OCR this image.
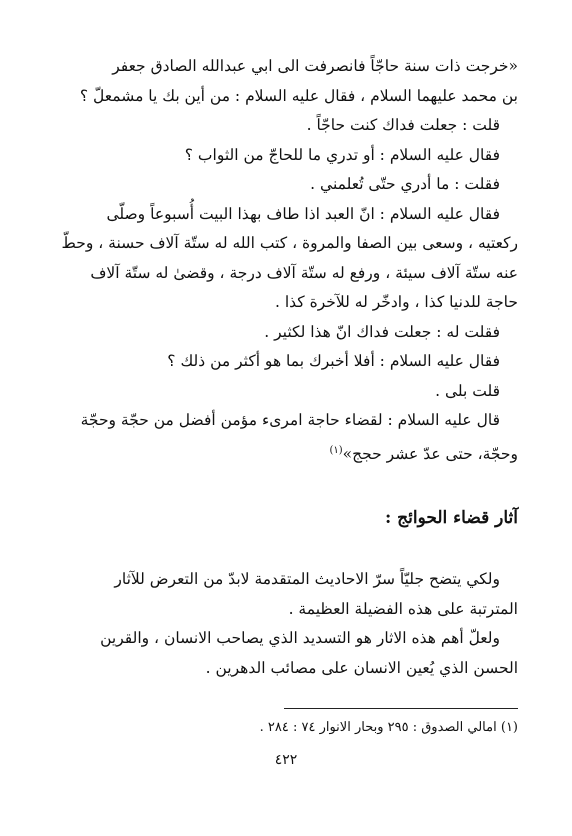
«خرجت ذات سنة حاجّاً فانصرفت الى ابي عبدالله الصادق جعفر
بن محمد عليهما السلام ، فقال عليه السلام : من أين بك يا مشمعلّ ؟
قلت : جعلت فداك كنت حاجّاً .
فقال عليه السلام : أو تدري ما للحاجّ من الثواب ؟
فقلت : ما أدري حتّى تُعلمني .
فقال عليه السلام : انّ العبد اذا طاف بهذا البيت أُسبوعاً وصلّى
ركعتيه ، وسعى بين الصفا والمروة ، كتب الله له ستّة آلاف حسنة ، وحطّ
عنه ستّة آلاف سيئة ، ورفع له ستّة آلاف درجة ، وقضىٰ له ستّة آلاف
حاجة للدنيا كذا ، وادخّر له للآخرة كذا .
فقلت له : جعلت فداك انّ هذا لكثير .
فقال عليه السلام : أفلا أخبرك بما هو أكثر من ذلك ؟
قلت بلى .
قال عليه السلام : لقضاء حاجة امرىء مؤمن أفضل من حجّة وحجّة
وحجّة، حتى عدّ عشر حجج»$^{(١)}$
آثار قضاء الحوائج :
ولكي يتضح جليّاً سرّ الاحاديث المتقدمة لابدّ من التعرض للآثار
المترتبة على هذه الفضيلة العظيمة .
ولعلّ أهم هذه الاثار هو التسديد الذي يصاحب الانسان ، والقرين
الحسن الذي يُعين الانسان على مصائب الدهرين .
(١) امالي الصدوق : ٢٩٥ وبحار الانوار ٧٤ : ٢٨٤ .
٤٢٢
